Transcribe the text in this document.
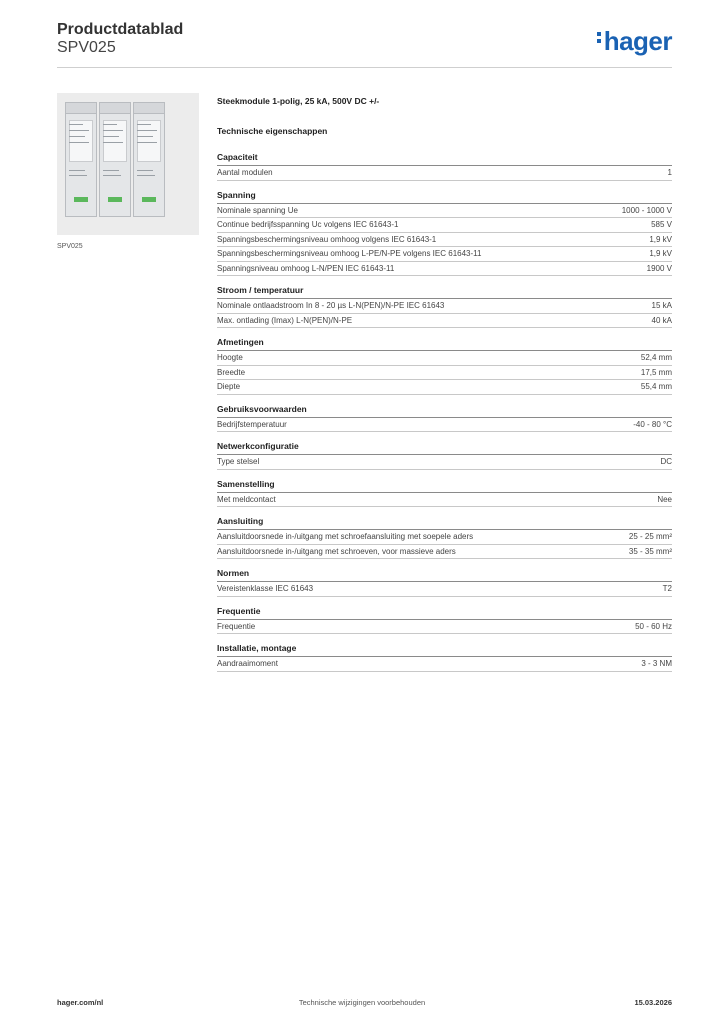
Productdatablad
SPV025	hager
SPV025
Steekmodule 1-polig, 25 kA, 500V DC +/-
Technische eigenschappen
Capaciteit
Aantal modulen	1
Spanning
Nominale spanning Ue	1000 - 1000 V
Continue bedrijfsspanning Uc volgens IEC 61643-1	585 V
Spanningsbeschermingsniveau omhoog volgens IEC 61643-1	1,9 kV
Spanningsbeschermingsniveau omhoog L-PE/N-PE volgens IEC 61643-11	1,9 kV
Spanningsniveau omhoog L-N/PEN IEC 61643-11	1900 V
Stroom / temperatuur
Nominale ontlaadstroom In 8 - 20 µs L-N(PEN)/N-PE IEC 61643	15 kA
Max. ontlading (Imax) L-N(PEN)/N-PE	40 kA
Afmetingen
Hoogte	52,4 mm
Breedte	17,5 mm
Diepte	55,4 mm
Gebruiksvoorwaarden
Bedrijfstemperatuur	-40 - 80 °C
Netwerkconfiguratie
Type stelsel	DC
Samenstelling
Met meldcontact	Nee
Aansluiting
Aansluitdoorsnede in-/uitgang met schroefaansluiting met soepele aders	25 - 25 mm²
Aansluitdoorsnede in-/uitgang met schroeven, voor massieve aders	35 - 35 mm²
Normen
Vereistenklasse IEC 61643	T2
Frequentie
Frequentie	50 - 60 Hz
Installatie, montage
Aandraaimoment	3 - 3 NM
hager.com/nl	Technische wijzigingen voorbehouden	15.03.2026
